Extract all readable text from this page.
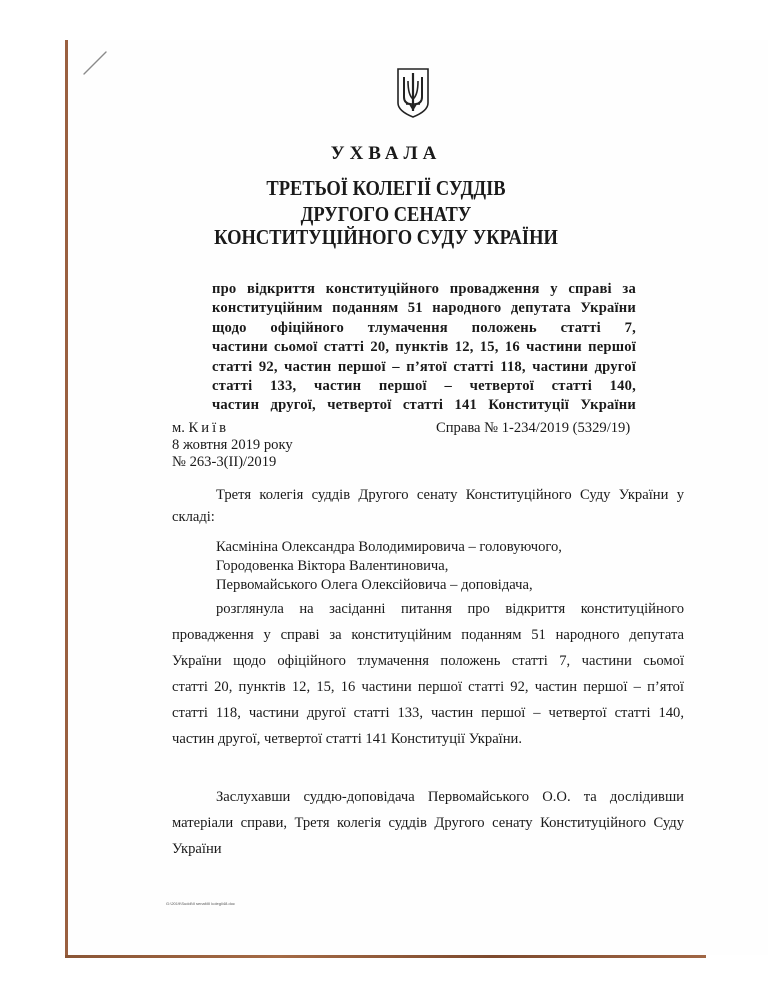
УХВАЛА
ТРЕТЬОЇ КОЛЕГІЇ СУДДІВ
ДРУГОГО СЕНАТУ
КОНСТИТУЦІЙНОГО СУДУ УКРАЇНИ
про відкриття конституційного провадження у справі за
конституційним поданням 51 народного депутата України
щодо офіційного тлумачення положень статті 7,
частини сьомої статті 20, пунктів 12, 15, 16 частини першої
статті 92, частин першої – п’ятої статті 118, частини другої
статті 133, частин першої – четвертої статті 140,
частин другої, четвертої статті 141 Конституції України
м. Київ
8 жовтня 2019 року
№ 263-3(ІІ)/2019
Справа № 1-234/2019 (5329/19)
Третя колегія суддів Другого сенату Конституційного Суду України у
складі:
Касмініна Олександра Володимировича – головуючого,
Городовенка Віктора Валентиновича,
Первомайського Олега Олексійовича – доповідача,
розглянула на засіданні питання про відкриття конституційного
провадження у справі за конституційним поданням 51 народного депутата
України щодо офіційного тлумачення положень статті 7, частини сьомої
статті 20, пунктів 12, 15, 16 частини першої статті 92, частин першої – п’ятої
статті 118, частини другої статті 133, частин першої – четвертої статті 140,
частин другої, четвертої статті 141 Конституції України.
Заслухавши суддю-доповідача Первомайського О.О. та дослідивши
матеріали справи, Третя колегія суддів Другого сенату Конституційного Суду
України
G:\2019\Suddi\II senat\III kolegi\48.doc
